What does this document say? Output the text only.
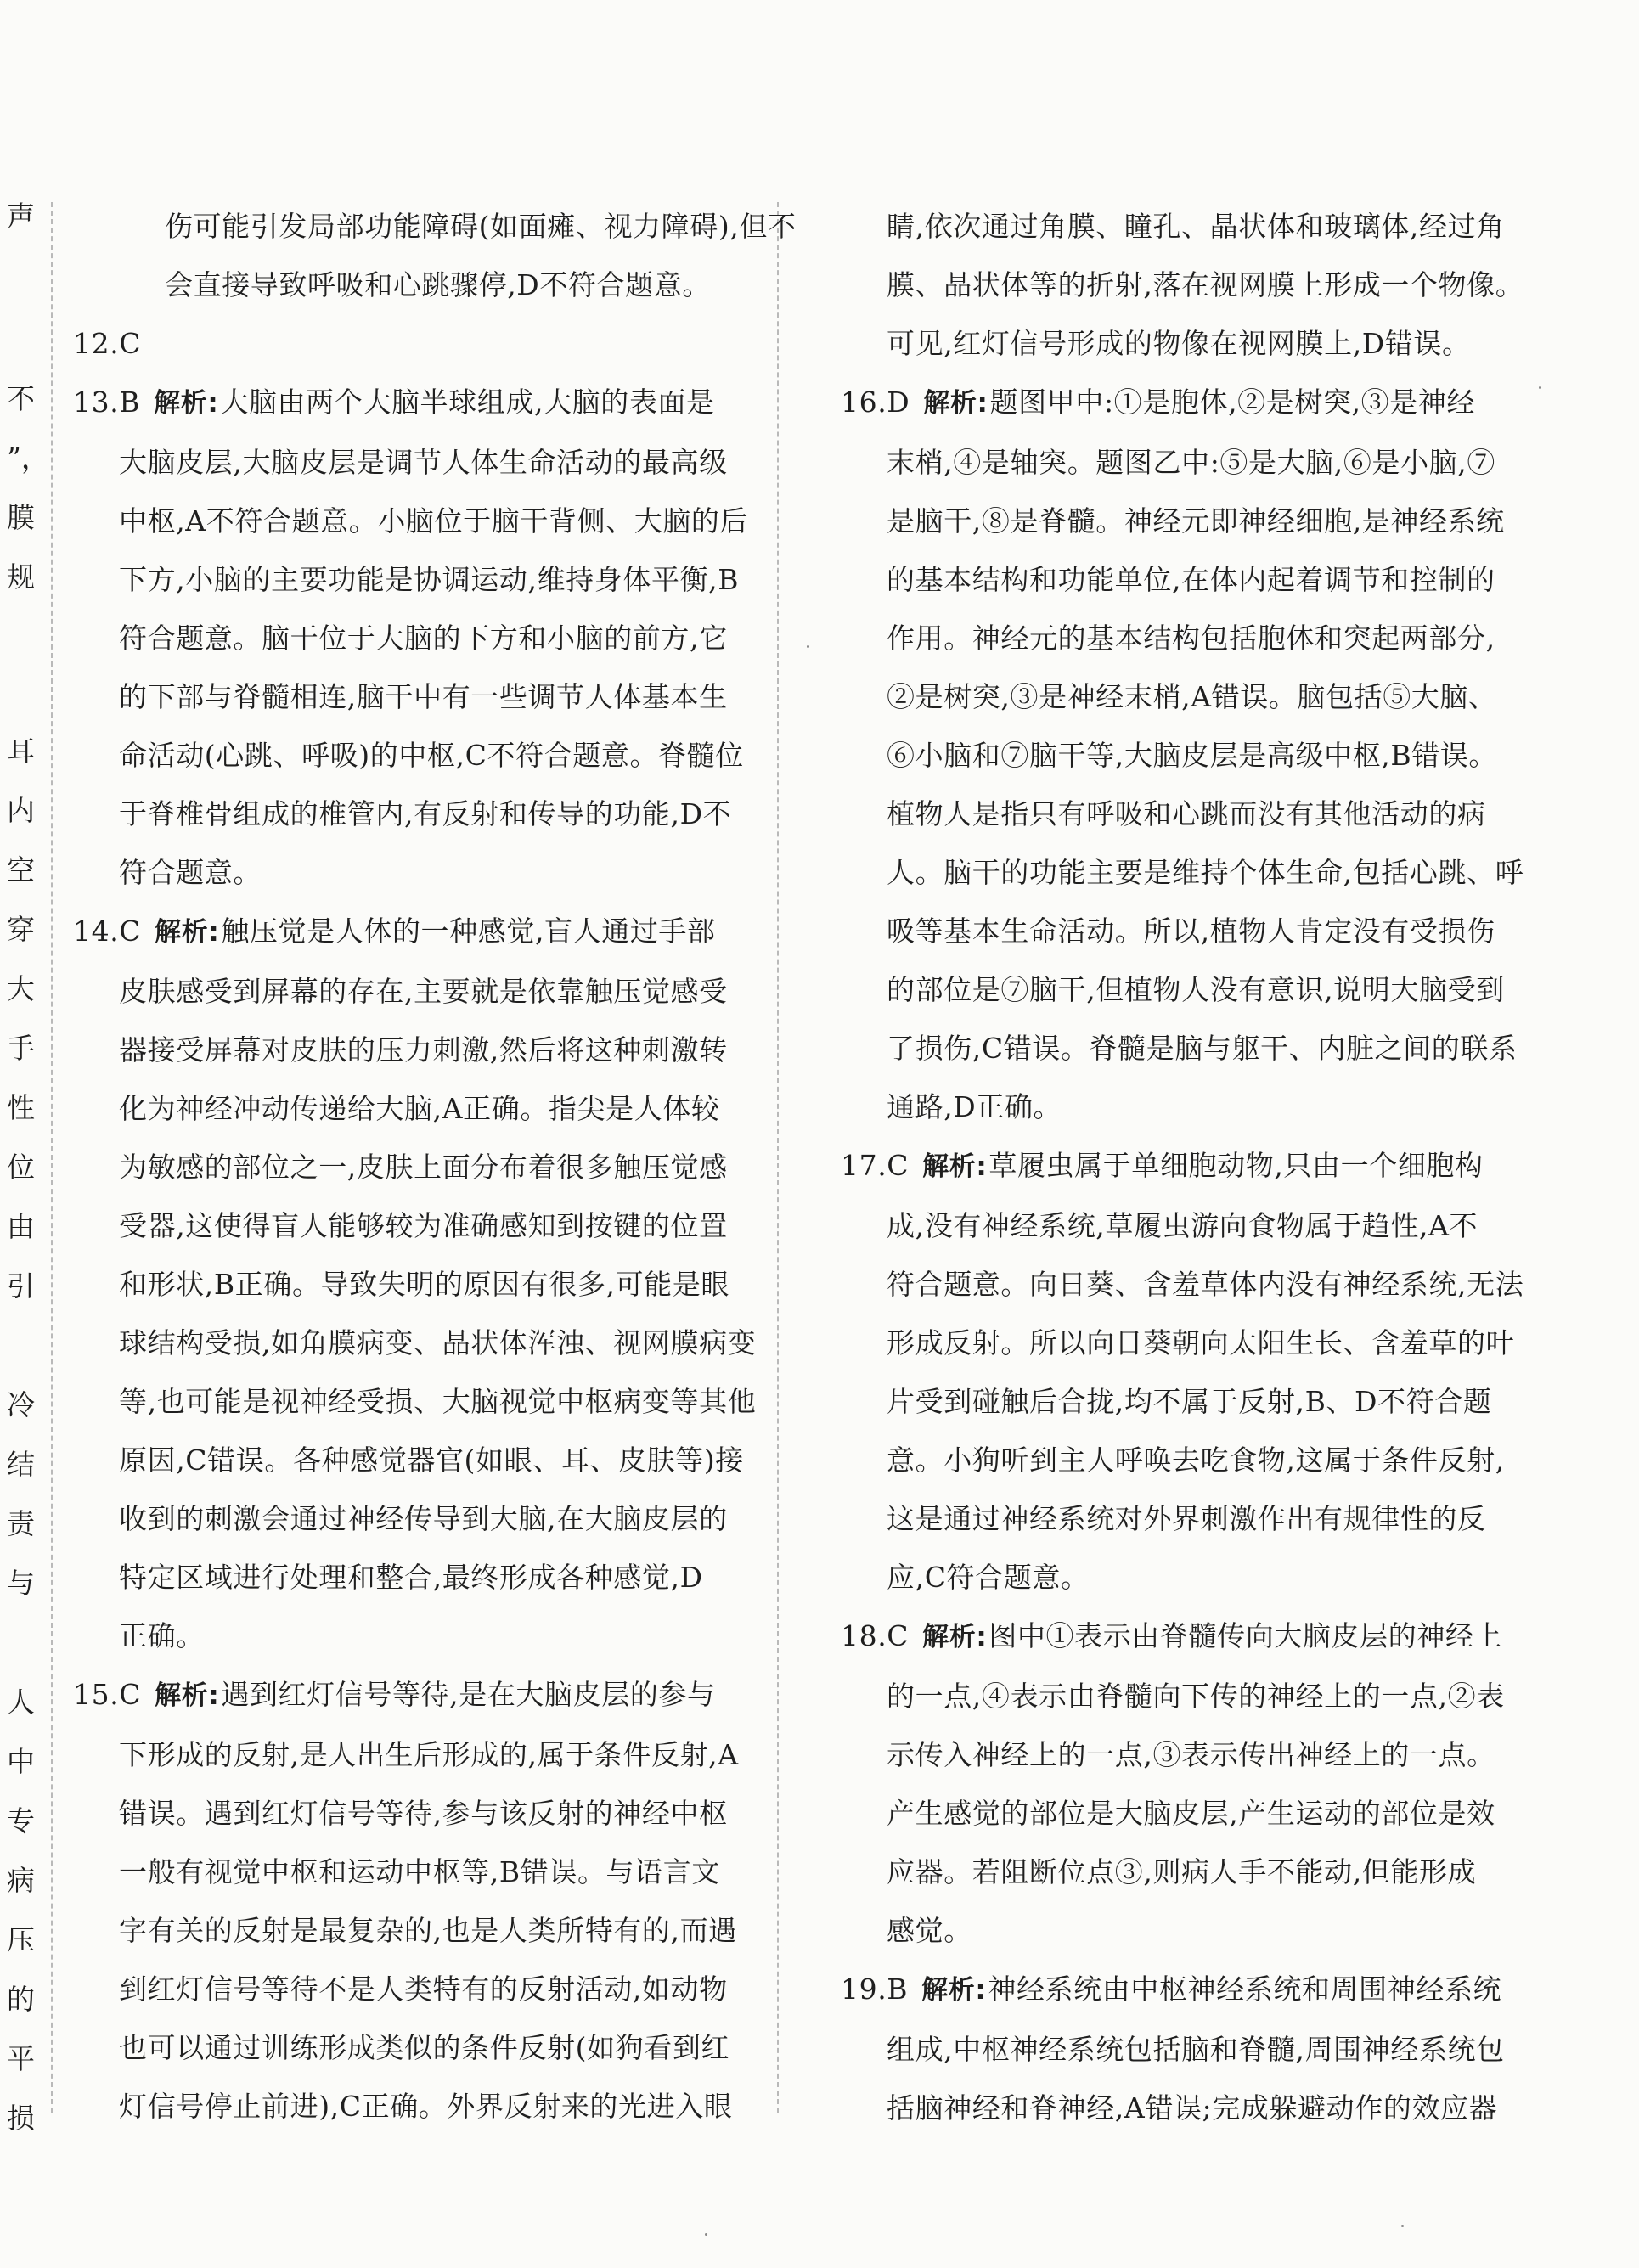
声
不
”，
膜
规
耳
内
空
穿
大
手
性
位
由
引
冷
结
责
与
人
中
专
病
压
的
平
损
伤可能引发局部功能障碍(如面瘫、视力障碍),但不
会直接导致呼吸和心跳骤停,D不符合题意。
12.C
13.B 解析:大脑由两个大脑半球组成,大脑的表面是
大脑皮层,大脑皮层是调节人体生命活动的最高级
中枢,A不符合题意。小脑位于脑干背侧、大脑的后
下方,小脑的主要功能是协调运动,维持身体平衡,B
符合题意。脑干位于大脑的下方和小脑的前方,它
的下部与脊髓相连,脑干中有一些调节人体基本生
命活动(心跳、呼吸)的中枢,C不符合题意。脊髓位
于脊椎骨组成的椎管内,有反射和传导的功能,D不
符合题意。
14.C 解析:触压觉是人体的一种感觉,盲人通过手部
皮肤感受到屏幕的存在,主要就是依靠触压觉感受
器接受屏幕对皮肤的压力刺激,然后将这种刺激转
化为神经冲动传递给大脑,A正确。指尖是人体较
为敏感的部位之一,皮肤上面分布着很多触压觉感
受器,这使得盲人能够较为准确感知到按键的位置
和形状,B正确。导致失明的原因有很多,可能是眼
球结构受损,如角膜病变、晶状体浑浊、视网膜病变
等,也可能是视神经受损、大脑视觉中枢病变等其他
原因,C错误。各种感觉器官(如眼、耳、皮肤等)接
收到的刺激会通过神经传导到大脑,在大脑皮层的
特定区域进行处理和整合,最终形成各种感觉,D
正确。
15.C 解析:遇到红灯信号等待,是在大脑皮层的参与
下形成的反射,是人出生后形成的,属于条件反射,A
错误。遇到红灯信号等待,参与该反射的神经中枢
一般有视觉中枢和运动中枢等,B错误。与语言文
字有关的反射是最复杂的,也是人类所特有的,而遇
到红灯信号等待不是人类特有的反射活动,如动物
也可以通过训练形成类似的条件反射(如狗看到红
灯信号停止前进),C正确。外界反射来的光进入眼
睛,依次通过角膜、瞳孔、晶状体和玻璃体,经过角
膜、晶状体等的折射,落在视网膜上形成一个物像。
可见,红灯信号形成的物像在视网膜上,D错误。
16.D 解析:题图甲中:①是胞体,②是树突,③是神经
末梢,④是轴突。题图乙中:⑤是大脑,⑥是小脑,⑦
是脑干,⑧是脊髓。神经元即神经细胞,是神经系统
的基本结构和功能单位,在体内起着调节和控制的
作用。神经元的基本结构包括胞体和突起两部分,
②是树突,③是神经末梢,A错误。脑包括⑤大脑、
⑥小脑和⑦脑干等,大脑皮层是高级中枢,B错误。
植物人是指只有呼吸和心跳而没有其他活动的病
人。脑干的功能主要是维持个体生命,包括心跳、呼
吸等基本生命活动。所以,植物人肯定没有受损伤
的部位是⑦脑干,但植物人没有意识,说明大脑受到
了损伤,C错误。脊髓是脑与躯干、内脏之间的联系
通路,D正确。
17.C 解析:草履虫属于单细胞动物,只由一个细胞构
成,没有神经系统,草履虫游向食物属于趋性,A不
符合题意。向日葵、含羞草体内没有神经系统,无法
形成反射。所以向日葵朝向太阳生长、含羞草的叶
片受到碰触后合拢,均不属于反射,B、D不符合题
意。小狗听到主人呼唤去吃食物,这属于条件反射,
这是通过神经系统对外界刺激作出有规律性的反
应,C符合题意。
18.C 解析:图中①表示由脊髓传向大脑皮层的神经上
的一点,④表示由脊髓向下传的神经上的一点,②表
示传入神经上的一点,③表示传出神经上的一点。
产生感觉的部位是大脑皮层,产生运动的部位是效
应器。若阻断位点③,则病人手不能动,但能形成
感觉。
19.B 解析:神经系统由中枢神经系统和周围神经系统
组成,中枢神经系统包括脑和脊髓,周围神经系统包
括脑神经和脊神经,A错误;完成躲避动作的效应器
